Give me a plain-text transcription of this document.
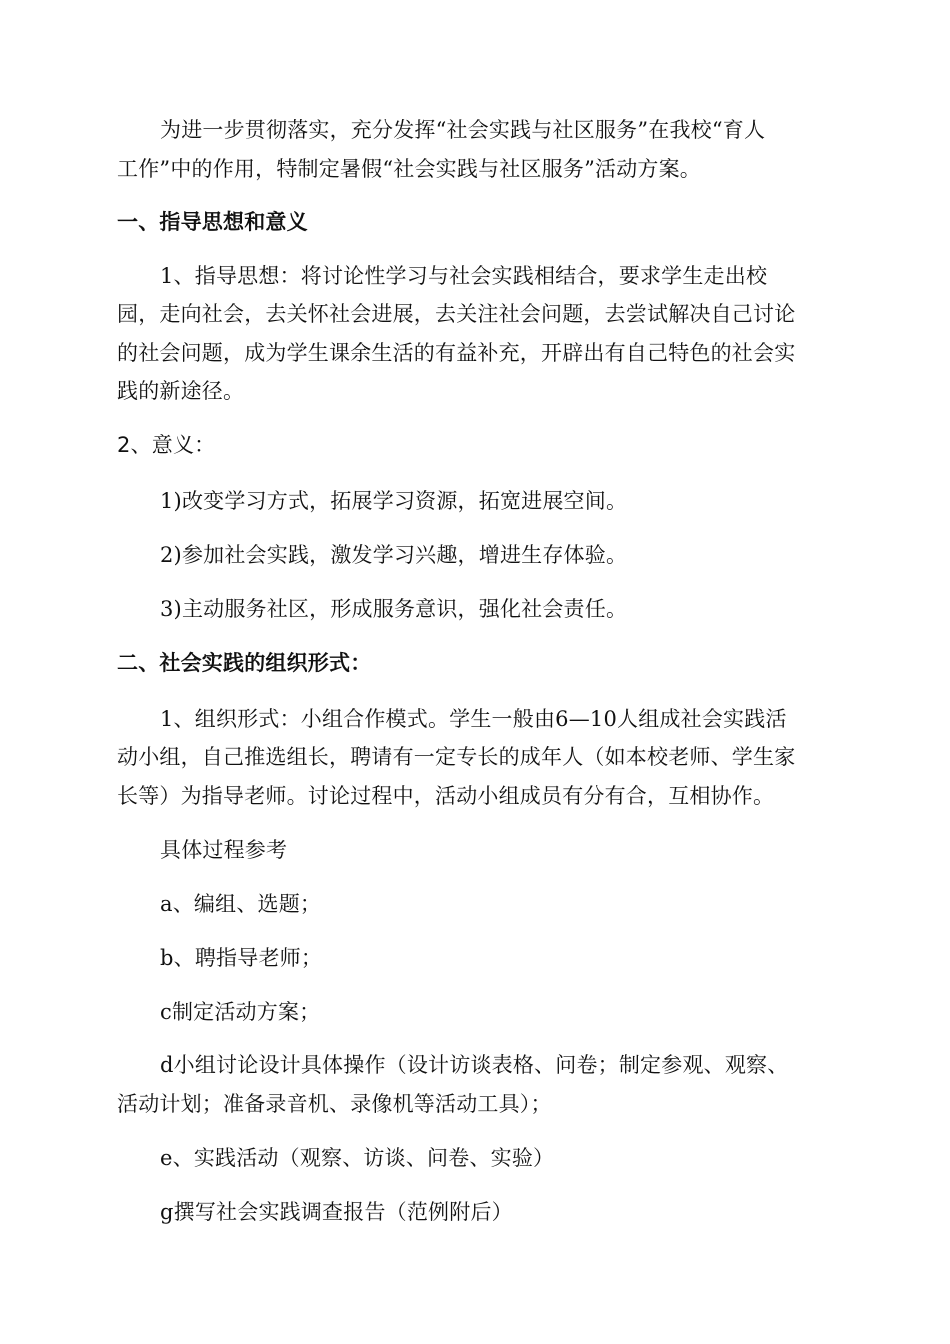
为进一步贯彻落实，充分发挥“社会实践与社区服务”在我校“育人
工作”中的作用，特制定暑假“社会实践与社区服务”活动方案。
一、指导思想和意义
1、指导思想：将讨论性学习与社会实践相结合，要求学生走出校
园，走向社会，去关怀社会进展，去关注社会问题，去尝试解决自己讨论
的社会问题，成为学生课余生活的有益补充，开辟出有自己特色的社会实
践的新途径。
2、意义：
1)改变学习方式，拓展学习资源，拓宽进展空间。
2)参加社会实践，激发学习兴趣，增进生存体验。
3)主动服务社区，形成服务意识，强化社会责任。
二、社会实践的组织形式：
1、组织形式：小组合作模式。学生一般由6—10人组成社会实践活
动小组，自己推选组长，聘请有一定专长的成年人（如本校老师、学生家
长等）为指导老师。讨论过程中，活动小组成员有分有合，互相协作。
具体过程参考
a、编组、选题；
b、聘指导老师；
c制定活动方案；
d小组讨论设计具体操作（设计访谈表格、问卷；制定参观、观察、
活动计划；准备录音机、录像机等活动工具）；
e、实践活动（观察、访谈、问卷、实验）
g撰写社会实践调查报告（范例附后）
